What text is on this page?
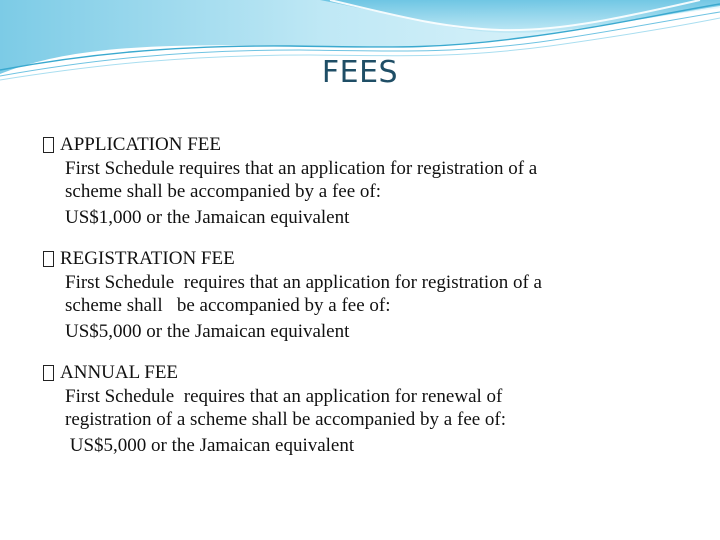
FEES
APPLICATION FEE
First Schedule requires that an application for registration of a
scheme shall be accompanied by a fee of:
US$1,000 or the Jamaican equivalent
REGISTRATION FEE
First Schedule  requires that an application for registration of a
scheme shall   be accompanied by a fee of:
US$5,000 or the Jamaican equivalent
ANNUAL FEE
First Schedule  requires that an application for renewal of
registration of a scheme shall be accompanied by a fee of:
US$5,000 or the Jamaican equivalent
